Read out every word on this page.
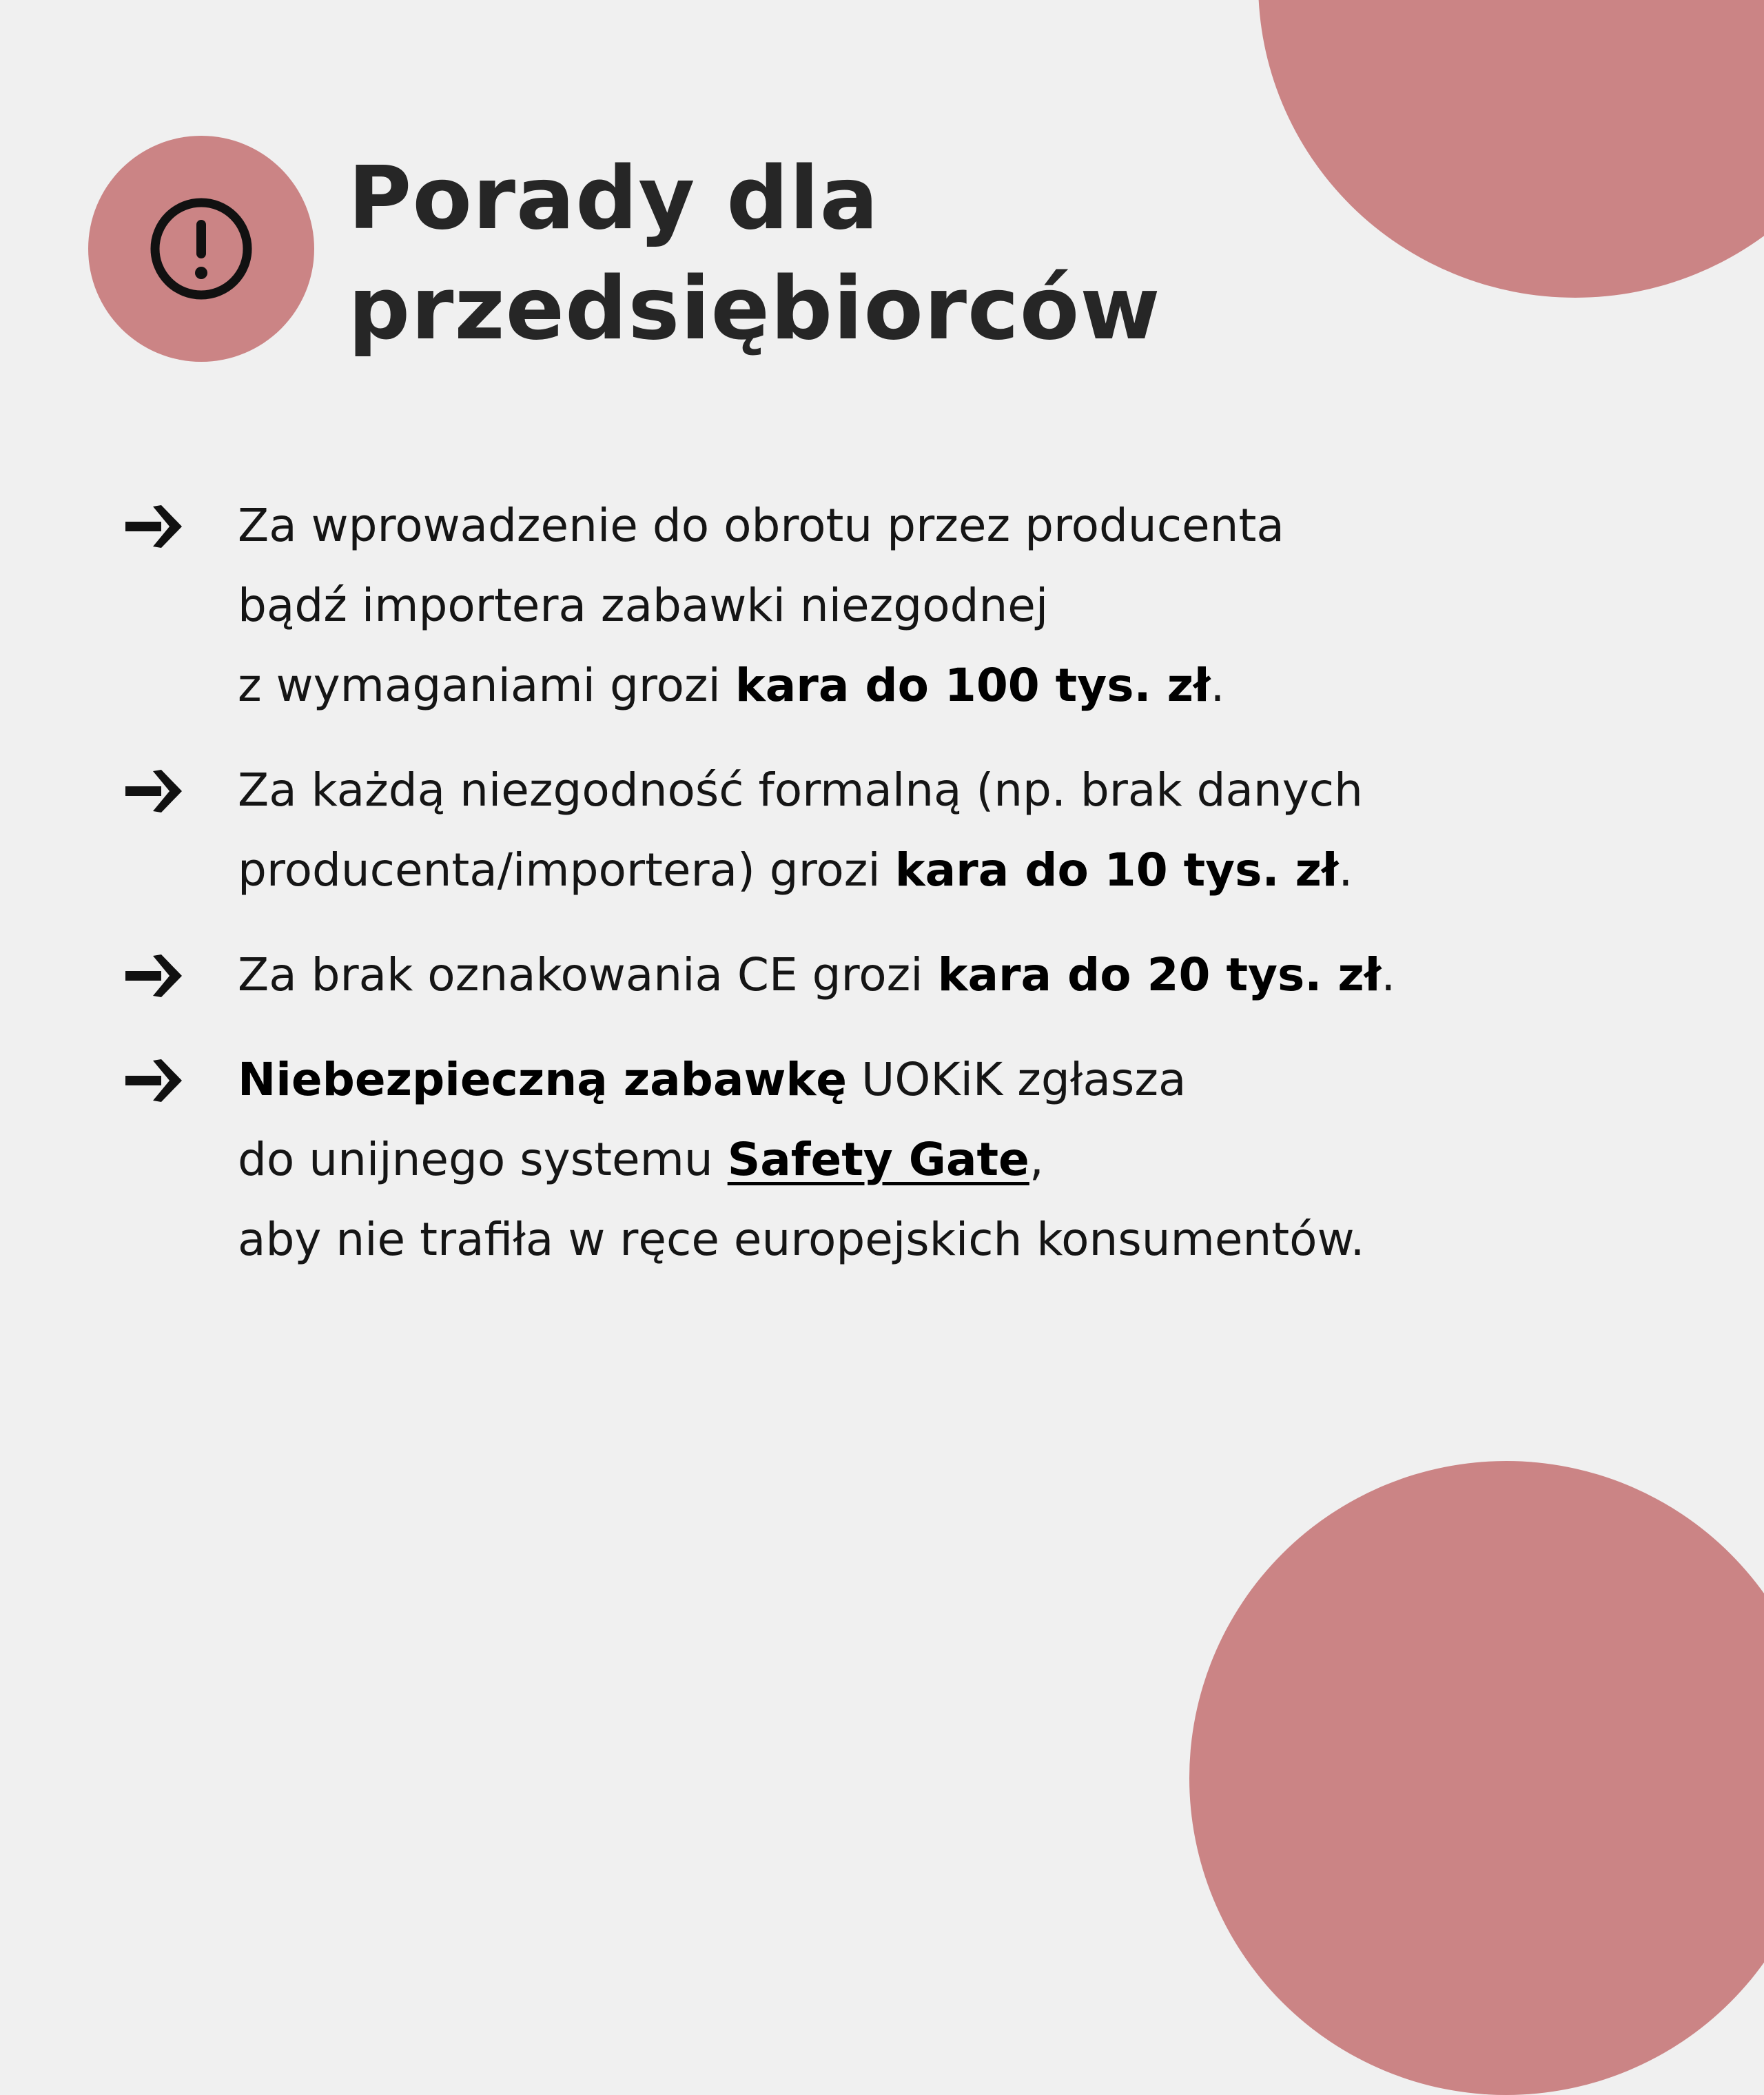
Porady dla
przedsiębiorców
Za wprowadzenie do obrotu przez producenta
bądź importera zabawki niezgodnej
z wymaganiami grozi kara do 100 tys. zł.
Za każdą niezgodność formalną (np. brak danych
producenta/importera) grozi kara do 10 tys. zł.
Za brak oznakowania CE grozi kara do 20 tys. zł.
Niebezpieczną zabawkę UOKiK zgłasza
do unijnego systemu Safety Gate,
aby nie trafiła w ręce europejskich konsumentów.
